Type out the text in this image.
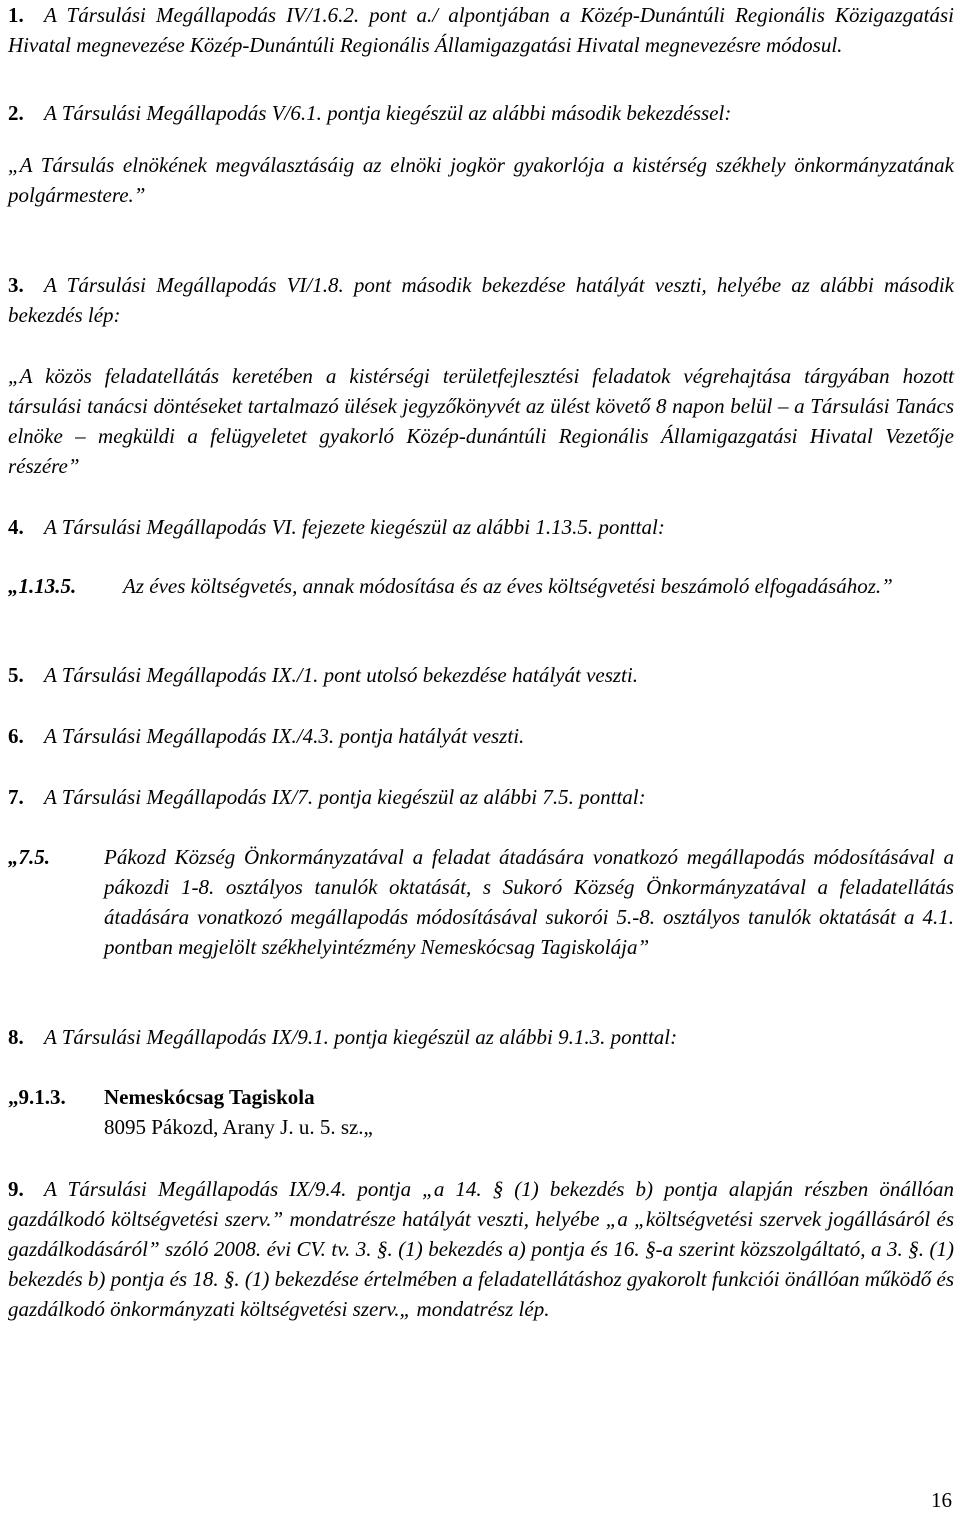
1. A Társulási Megállapodás IV/1.6.2. pont a./ alpontjában a Közép-Dunántúli Regionális Közigazgatási Hivatal megnevezése Közép-Dunántúli Regionális Államigazgatási Hivatal megnevezésre módosul.

2. A Társulási Megállapodás V/6.1. pontja kiegészül az alábbi második bekezdéssel:

„A Társulás elnökének megválasztásáig az elnöki jogkör gyakorlója a kistérség székhely önkormányzatának polgármestere.”

3. A Társulási Megállapodás VI/1.8. pont második bekezdése hatályát veszti, helyébe az alábbi második bekezdés lép:

„A közös feladatellátás keretében a kistérségi területfejlesztési feladatok végrehajtása tárgyában hozott társulási tanácsi döntéseket tartalmazó ülések jegyzőkönyvét az ülést követő 8 napon belül – a Társulási Tanács elnöke – megküldi a felügyeletet gyakorló Közép-dunántúli Regionális Államigazgatási Hivatal Vezetője részére”

4. A Társulási Megállapodás VI. fejezete kiegészül az alábbi 1.13.5. ponttal:

„1.13.5. Az éves költségvetés, annak módosítása és az éves költségvetési beszámoló elfogadásához.”

5. A Társulási Megállapodás IX./1. pont utolsó bekezdése hatályát veszti.

6. A Társulási Megállapodás IX./4.3. pontja hatályát veszti.

7. A Társulási Megállapodás IX/7. pontja kiegészül az alábbi 7.5. ponttal:

„7.5.	Pákozd Község Önkormányzatával a feladat átadására vonatkozó megállapodás módosításával a pákozdi 1-8. osztályos tanulók oktatását, s Sukoró Község Önkormányzatával a feladatellátás átadására vonatkozó megállapodás módosításával sukorói 5.-8. osztályos tanulók oktatását a 4.1. pontban megjelölt székhelyintézmény Nemeskócsag Tagiskolája”

8. A Társulási Megállapodás IX/9.1. pontja kiegészül az alábbi 9.1.3. ponttal:

„9.1.3. Nemeskócsag Tagiskola

8095 Pákozd, Arany J. u. 5. sz.„

9. A Társulási Megállapodás IX/9.4. pontja „a 14. § (1) bekezdés b) pontja alapján részben önállóan gazdálkodó költségvetési szerv.” mondatrésze hatályát veszti, helyébe „a „költségvetési szervek jogállásáról és gazdálkodásáról” szóló 2008. évi CV. tv. 3. §. (1) bekezdés a) pontja és 16. §-a szerint közszolgáltató, a 3. §. (1) bekezdés b) pontja és 18. §. (1) bekezdése értelmében a feladatellátáshoz gyakorolt funkciói önállóan működő és gazdálkodó önkormányzati költségvetési szerv.„ mondatrész lép.

16
